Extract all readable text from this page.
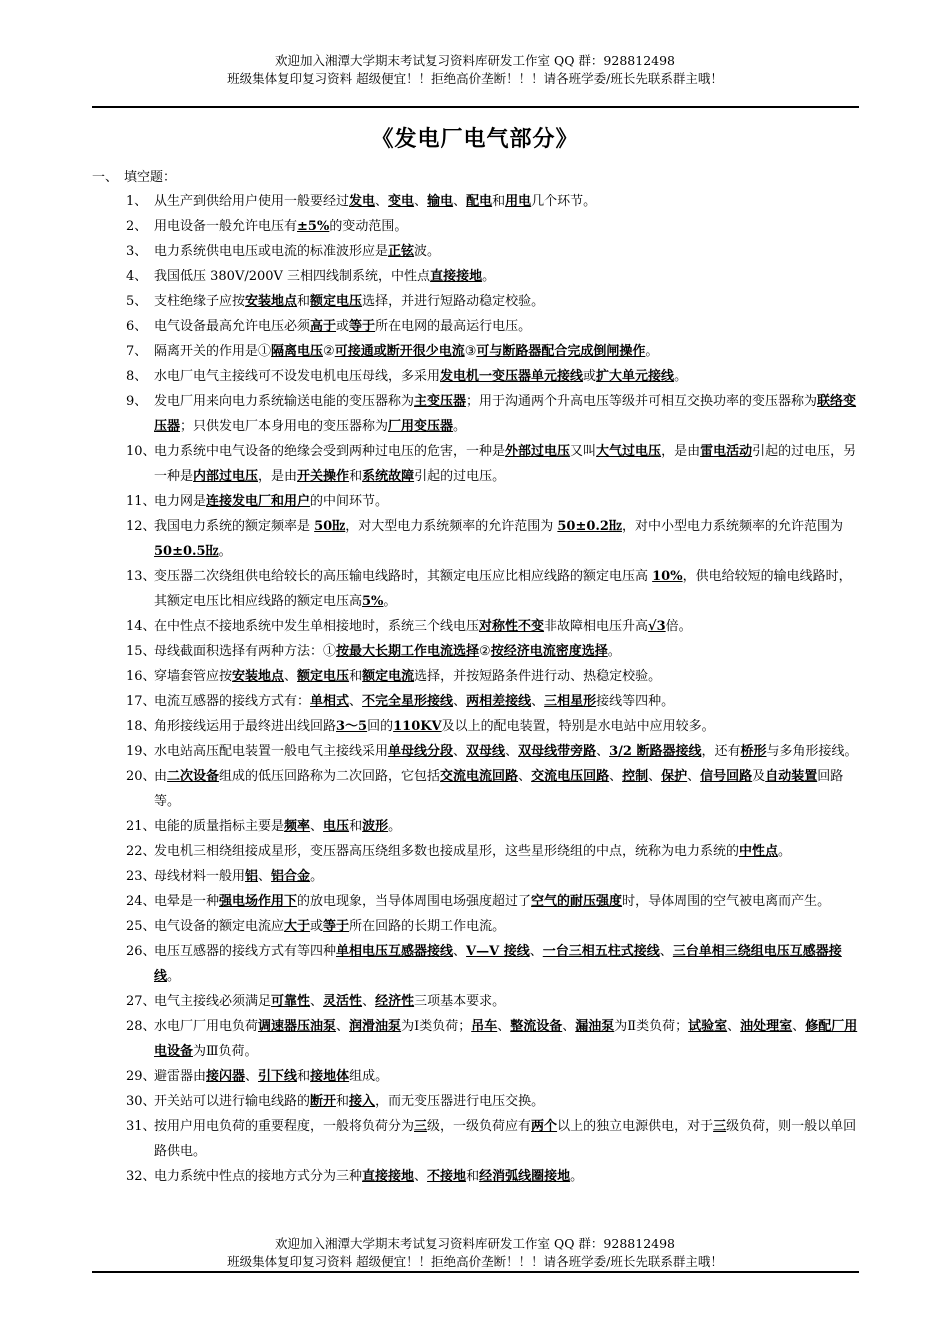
欢迎加入湘潭大学期末考试复习资料库研发工作室 QQ 群：928812498
班级集体复印复习资料 超级便宜！！拒绝高价垄断！！！请各班学委/班长先联系群主哦！
《发电厂电气部分》
一、 填空题：
1、 从生产到供给用户使用一般要经过发电、变电、输电、配电和用电几个环节。
2、 用电设备一般允许电压有±5%的变动范围。
3、 电力系统供电电压或电流的标准波形应是正铉波。
4、 我国低压 380V/200V 三相四线制系统，中性点直接接地。
5、 支柱绝缘子应按安装地点和额定电压选择，并进行短路动稳定校验。
6、 电气设备最高允许电压必须高于或等于所在电网的最高运行电压。
7、 隔离开关的作用是①隔离电压②可接通或断开很少电流③可与断路器配合完成倒闸操作。
8、 水电厂电气主接线可不设发电机电压母线，多采用发电机一变压器单元接线或扩大单元接线。
9、 发电厂用来向电力系统输送电能的变压器称为主变压器；用于沟通两个升高电压等级并可相互交换功率的变压器称为联络变压器；只供发电厂本身用电的变压器称为厂用变压器。
10、
电力系统中电气设备的绝缘会受到两种过电压的危害，一种是外部过电压又叫大气过电压，是由雷电活动引起的过电压，另一种是内部过电压，是由开关操作和系统故障引起的过电压。
11、
电力网是连接发电厂和用户的中间环节。
12、
我国电力系统的额定频率是 50㎐，对大型电力系统频率的允许范围为 50±0.2㎐，对中小型电力系统频率的允许范围为50±0.5㎐。
13、
变压器二次绕组供电给较长的高压输电线路时，其额定电压应比相应线路的额定电压高 10%，供电给较短的输电线路时，其额定电压比相应线路的额定电压高5%。
14、
在中性点不接地系统中发生单相接地时，系统三个线电压对称性不变非故障相电压升高√3倍。
15、
母线截面积选择有两种方法：①按最大长期工作电流选择②按经济电流密度选择。
16、
穿墙套管应按安装地点、额定电压和额定电流选择，并按短路条件进行动、热稳定校验。
17、
电流互感器的接线方式有：单相式、不完全星形接线、两相差接线、三相星形接线等四种。
18、
角形接线运用于最终进出线回路3～5回的110KV及以上的配电装置，特别是水电站中应用较多。
19、
水电站高压配电装置一般电气主接线采用单母线分段、双母线、双母线带旁路、3/2 断路器接线，还有桥形与多角形接线。
20、
由二次设备组成的低压回路称为二次回路，它包括交流电流回路、交流电压回路、控制、保护、信号回路及自动装置回路等。
21、
电能的质量指标主要是频率、电压和波形。
22、
发电机三相绕组接成星形，变压器高压绕组多数也接成星形，这些星形绕组的中点，统称为电力系统的中性点。
23、
母线材料一般用铝、铝合金。
24、
电晕是一种强电场作用下的放电现象，当导体周围电场强度超过了空气的耐压强度时，导体周围的空气被电离而产生。
25、
电气设备的额定电流应大于或等于所在回路的长期工作电流。
26、
电压互感器的接线方式有等四种单相电压互感器接线、V—V 接线、一台三相五柱式接线、三台单相三绕组电压互感器接线。
27、
电气主接线必须满足可靠性、灵活性、经济性三项基本要求。
28、
水电厂厂用电负荷调速器压油泵、润滑油泵为Ⅰ类负荷；吊车、整流设备、漏油泵为Ⅱ类负荷；试验室、油处理室、修配厂用电设备为Ⅲ负荷。
29、
避雷器由接闪器、引下线和接地体组成。
30、
开关站可以进行输电线路的断开和接入，而无变压器进行电压交换。
31、
按用户用电负荷的重要程度，一般将负荷分为三级，一级负荷应有两个以上的独立电源供电，对于三级负荷，则一般以单回路供电。
32、
电力系统中性点的接地方式分为三种直接接地、不接地和经消弧线圈接地。
欢迎加入湘潭大学期末考试复习资料库研发工作室 QQ 群：928812498
班级集体复印复习资料 超级便宜！！拒绝高价垄断！！！请各班学委/班长先联系群主哦！
